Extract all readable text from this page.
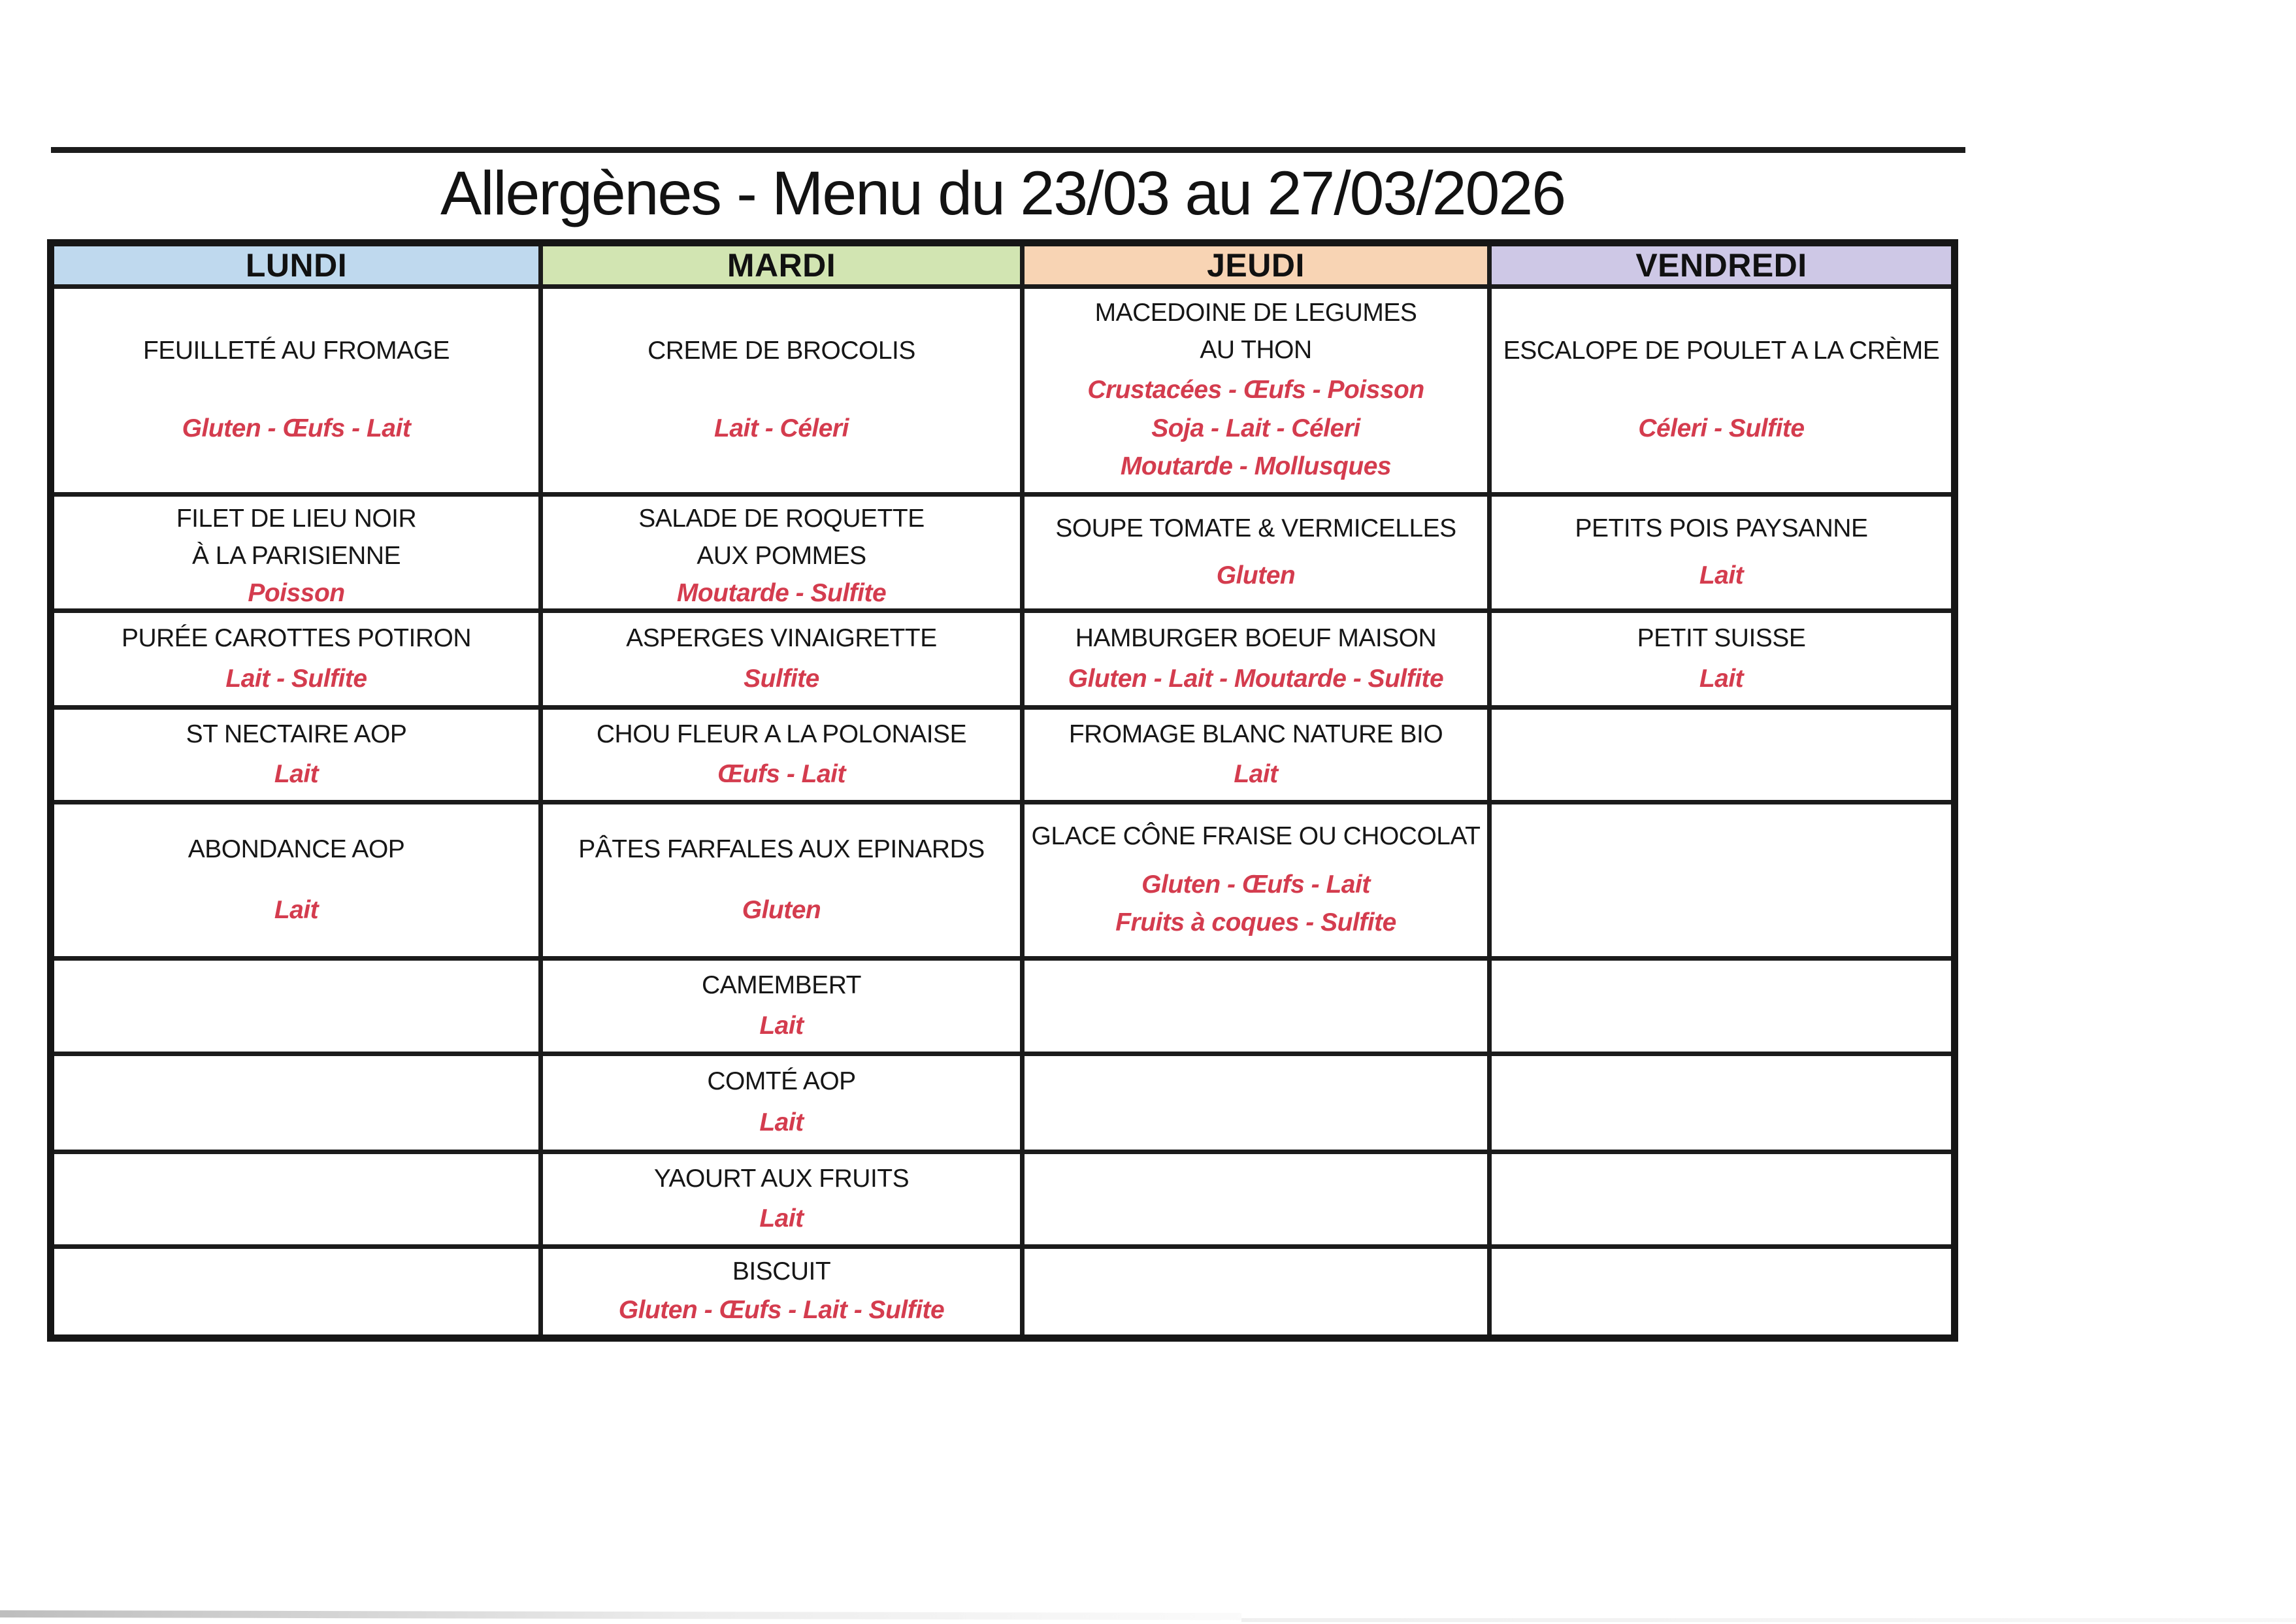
Allergènes - Menu du 23/03 au 27/03/2026
LUNDI
FEUILLETÉ AU FROMAGE
Gluten - Œufs - Lait
FILET DE LIEU NOIR
À LA PARISIENNE
Poisson
PURÉE CAROTTES POTIRON
Lait - Sulfite
ST NECTAIRE AOP
Lait
ABONDANCE AOP
Lait
MARDI
CREME DE BROCOLIS
Lait - Céleri
SALADE DE ROQUETTE
AUX POMMES
Moutarde - Sulfite
ASPERGES VINAIGRETTE
Sulfite
CHOU FLEUR A LA POLONAISE
Œufs - Lait
PÂTES FARFALES AUX EPINARDS
Gluten
CAMEMBERT
Lait
COMTÉ AOP
Lait
YAOURT AUX FRUITS
Lait
BISCUIT
Gluten - Œufs - Lait - Sulfite
JEUDI
MACEDOINE DE LEGUMES
AU THON
Crustacées - Œufs - Poisson
Soja - Lait - Céleri
Moutarde - Mollusques
SOUPE TOMATE & VERMICELLES
Gluten
HAMBURGER BOEUF MAISON
Gluten - Lait - Moutarde - Sulfite
FROMAGE BLANC NATURE BIO
Lait
GLACE CÔNE FRAISE OU CHOCOLAT
Gluten - Œufs - Lait
Fruits à coques - Sulfite
VENDREDI
ESCALOPE DE POULET A LA CRÈME
Céleri - Sulfite
PETITS POIS PAYSANNE
Lait
PETIT SUISSE
Lait
